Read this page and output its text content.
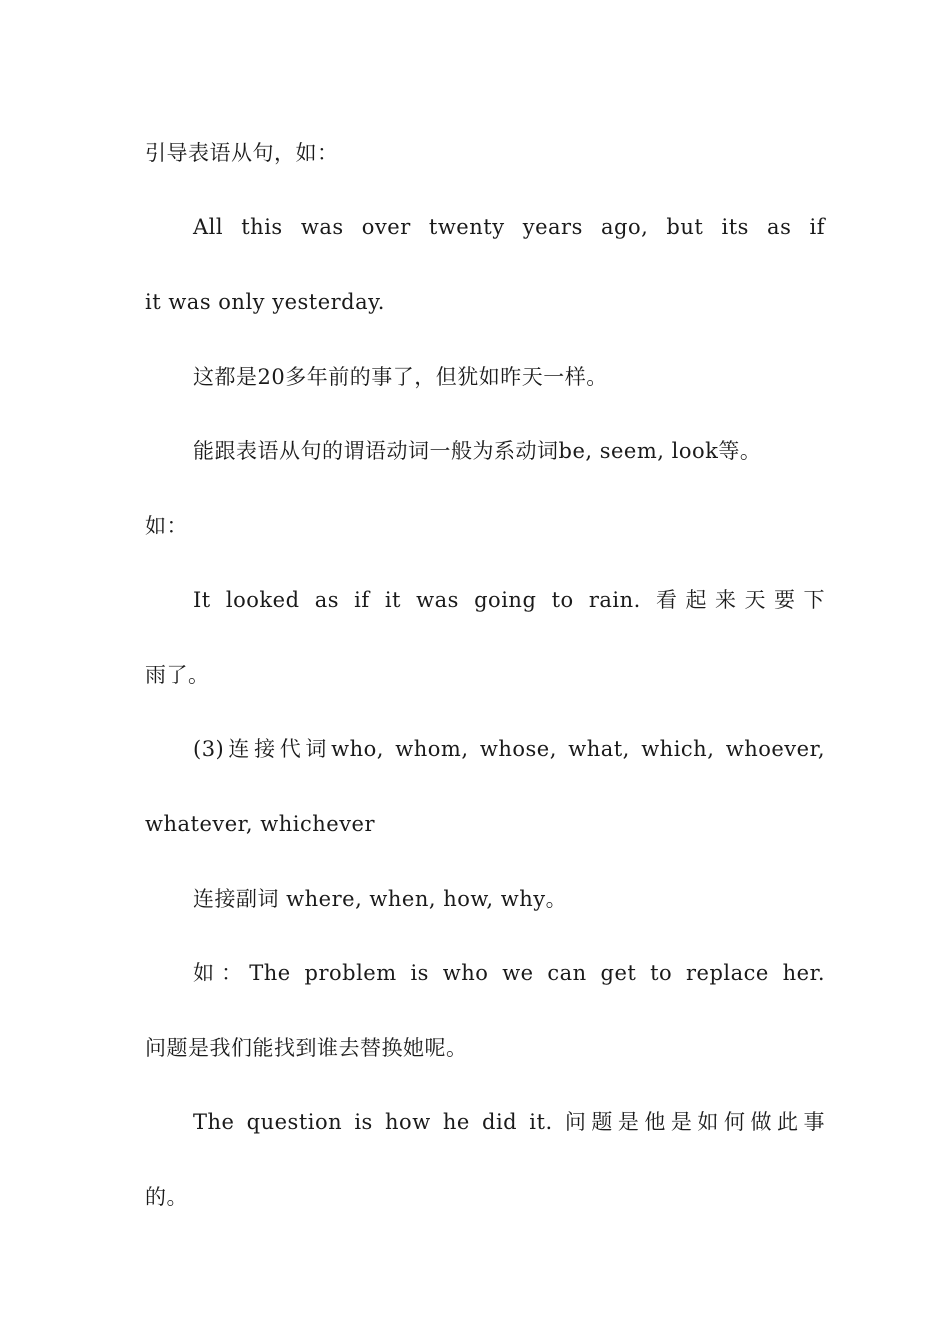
引导表语从句，如：
All this was over twenty years ago, but its as if
it was only yesterday.
这都是20多年前的事了，但犹如昨天一样。
能跟表语从句的谓语动词一般为系动词be, seem, look等。
如：
It looked as if it was going to rain. 看起来天要下
雨了。
(3)连接代词who, whom, whose, what, which, whoever,
whatever, whichever
连接副词 where, when, how, why。
如：The problem is who we can get to replace her.
问题是我们能找到谁去替换她呢。
The question is how he did it. 问题是他是如何做此事
的。
